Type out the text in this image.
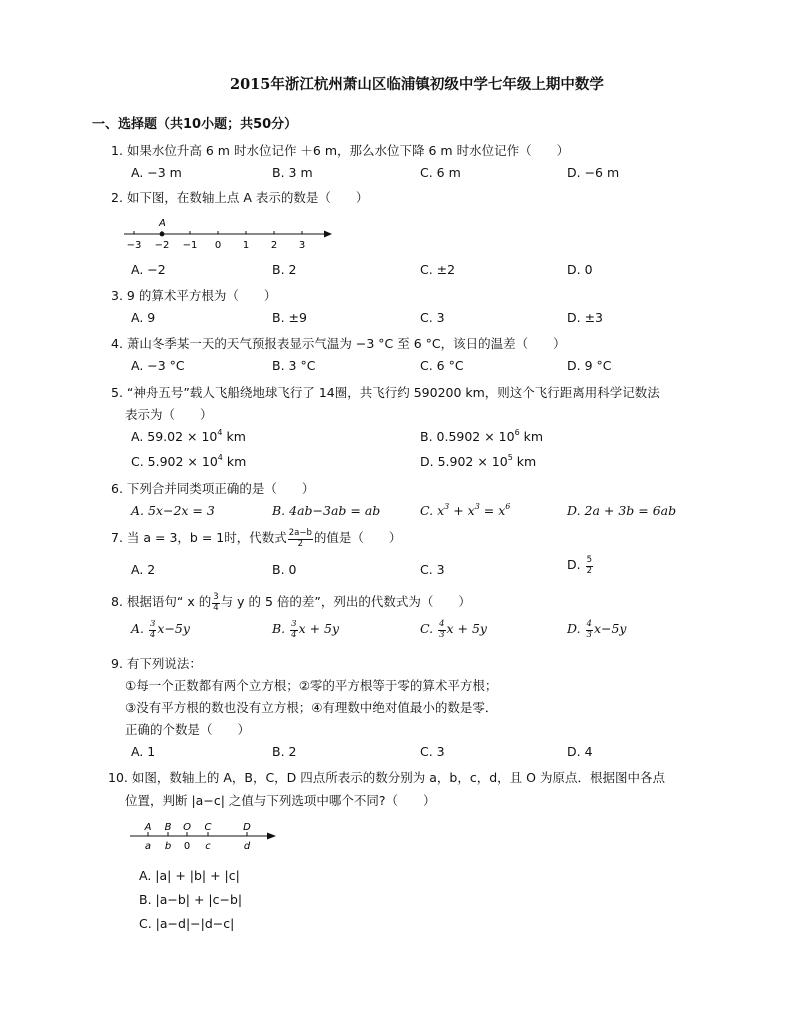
2015年浙江杭州萧山区临浦镇初级中学七年级上期中数学
一、选择题（共10小题；共50分）
1. 如果水位升高 6 m 时水位记作 ＋6 m，那么水位下降 6 m 时水位记作（　　）
A. −3 m	B. 3 m	C. 6 m	D. −6 m
2. 如下图，在数轴上点 A 表示的数是（　　）
−3 −2 −1 0 1 2 3
A
A. −2	B. 2	C. ±2	D. 0
3. 9 的算术平方根为（　　）
A. 9	B. ±9	C. 3	D. ±3
4. 萧山冬季某一天的天气预报表显示气温为 −3 °C 至 6 °C，该日的温差（　　）
A. −3 °C	B. 3 °C	C. 6 °C	D. 9 °C
5. “神舟五号”载人飞船绕地球飞行了 14圈，共飞行约 590200 km，则这个飞行距离用科学记数法
表示为（　　）
A. $59.02 \times 10^4$ km	B. $0.5902 \times 10^6$ km
C. $5.902 \times 10^4$ km	D. $5.902 \times 10^5$ km
6. 下列合并同类项正确的是（　　）
A. 5x−2x = 3	B. 4ab−3ab = ab	C. $x^3 + x^3 = x^6$	D. 2a + 3b = 6ab
7. 当 a = 3，b = 1时，代数式 $\frac{2a-b}{2}$ 的值是（　　）
A. 2	B. 0	C. 3	D. $\frac{5}{2}$
8. 根据语句“ x 的 $\frac{3}{4}$ 与 y 的 5 倍的差”，列出的代数式为（　　）
A. $\frac{3}{4} x-5y$	B. $\frac{3}{4}$ x + 5y	C. $\frac{4}{3}$ x + 5y	D. $\frac{4}{3} x-5y$
9. 有下列说法：
①每一个正数都有两个立方根；②零的平方根等于零的算术平方根；
③没有平方根的数也没有立方根；④有理数中绝对值最小的数是零．
正确的个数是（　　）
A. 1	B. 2	C. 3	D. 4
10. 如图，数轴上的 A，B，C，D 四点所表示的数分别为 a，b，c，d，且 O 为原点．根据图中各点
位置，判断 |a−c| 之值与下列选项中哪个不同?（　　）
A
a
B
b
O
0
C
c
D
d
A. |a| + |b| + |c|
B. |a−b| + |c−b|
C. |a−d|−|d−c|
